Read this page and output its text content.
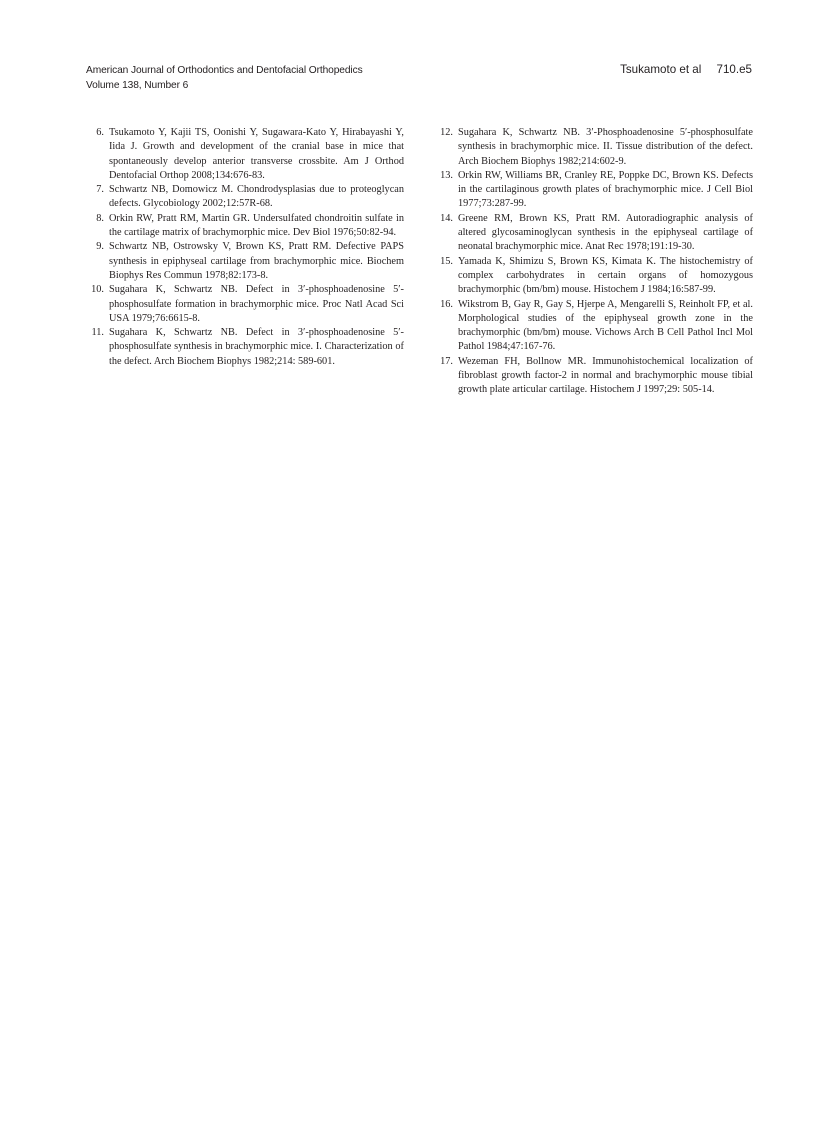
American Journal of Orthodontics and Dentofacial Orthopedics
Volume 138, Number 6
Tsukamoto et al 710.e5
6. Tsukamoto Y, Kajii TS, Oonishi Y, Sugawara-Kato Y, Hirabayashi Y, Iida J. Growth and development of the cranial base in mice that spontaneously develop anterior transverse crossbite. Am J Orthod Dentofacial Orthop 2008;134:676-83.
7. Schwartz NB, Domowicz M. Chondrodysplasias due to proteoglycan defects. Glycobiology 2002;12:57R-68.
8. Orkin RW, Pratt RM, Martin GR. Undersulfated chondroitin sulfate in the cartilage matrix of brachymorphic mice. Dev Biol 1976;50:82-94.
9. Schwartz NB, Ostrowsky V, Brown KS, Pratt RM. Defective PAPS synthesis in epiphyseal cartilage from brachymorphic mice. Biochem Biophys Res Commun 1978;82:173-8.
10. Sugahara K, Schwartz NB. Defect in 3′-phosphoadenosine 5′-phosphosulfate formation in brachymorphic mice. Proc Natl Acad Sci USA 1979;76:6615-8.
11. Sugahara K, Schwartz NB. Defect in 3′-phosphoadenosine 5′-phosphosulfate synthesis in brachymorphic mice. I. Characterization of the defect. Arch Biochem Biophys 1982;214: 589-601.
12. Sugahara K, Schwartz NB. 3′-Phosphoadenosine 5′-phosphosulfate synthesis in brachymorphic mice. II. Tissue distribution of the defect. Arch Biochem Biophys 1982;214:602-9.
13. Orkin RW, Williams BR, Cranley RE, Poppke DC, Brown KS. Defects in the cartilaginous growth plates of brachymorphic mice. J Cell Biol 1977;73:287-99.
14. Greene RM, Brown KS, Pratt RM. Autoradiographic analysis of altered glycosaminoglycan synthesis in the epiphyseal cartilage of neonatal brachymorphic mice. Anat Rec 1978;191:19-30.
15. Yamada K, Shimizu S, Brown KS, Kimata K. The histochemistry of complex carbohydrates in certain organs of homozygous brachymorphic (bm/bm) mouse. Histochem J 1984;16:587-99.
16. Wikstrom B, Gay R, Gay S, Hjerpe A, Mengarelli S, Reinholt FP, et al. Morphological studies of the epiphyseal growth zone in the brachymorphic (bm/bm) mouse. Vichows Arch B Cell Pathol Incl Mol Pathol 1984;47:167-76.
17. Wezeman FH, Bollnow MR. Immunohistochemical localization of fibroblast growth factor-2 in normal and brachymorphic mouse tibial growth plate articular cartilage. Histochem J 1997;29: 505-14.
